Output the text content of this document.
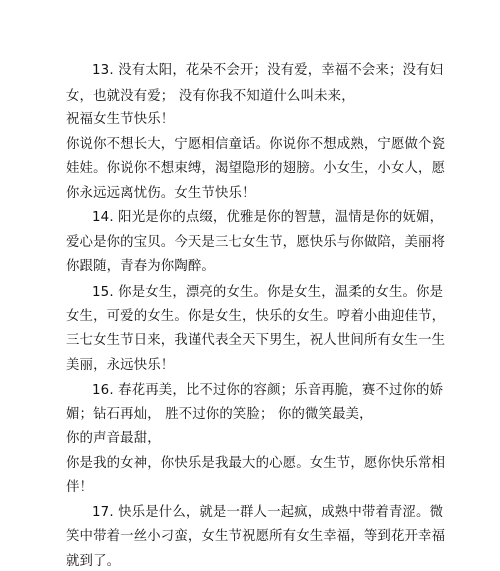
13. 没有太阳，花朵不会开；没有爱，幸福不会来；没有妇
女，也就没有爱； 没有你我不知道什么叫未来，
祝福女生节快乐！
你说你不想长大，宁愿相信童话。你说你不想成熟，宁愿做个瓷
娃娃。你说你不想束缚，渴望隐形的翅膀。小女生，小女人，愿
你永远远离忧伤。女生节快乐！
14. 阳光是你的点缀，优雅是你的智慧，温情是你的妩媚，
爱心是你的宝贝。今天是三七女生节，愿快乐与你做陪，美丽将
你跟随，青春为你陶醉。
15. 你是女生，漂亮的女生。你是女生，温柔的女生。你是
女生，可爱的女生。你是女生，快乐的女生。哼着小曲迎佳节，
三七女生节日来，我谨代表全天下男生，祝人世间所有女生一生
美丽，永远快乐！
16. 春花再美，比不过你的容颜；乐音再脆，赛不过你的娇
媚；钻石再灿， 胜不过你的笑脸； 你的微笑最美，
你的声音最甜，
你是我的女神，你快乐是我最大的心愿。女生节，愿你快乐常相
伴！
17. 快乐是什么，就是一群人一起疯，成熟中带着青涩。微
笑中带着一丝小刁蛮，女生节祝愿所有女生幸福，等到花开幸福
就到了。
